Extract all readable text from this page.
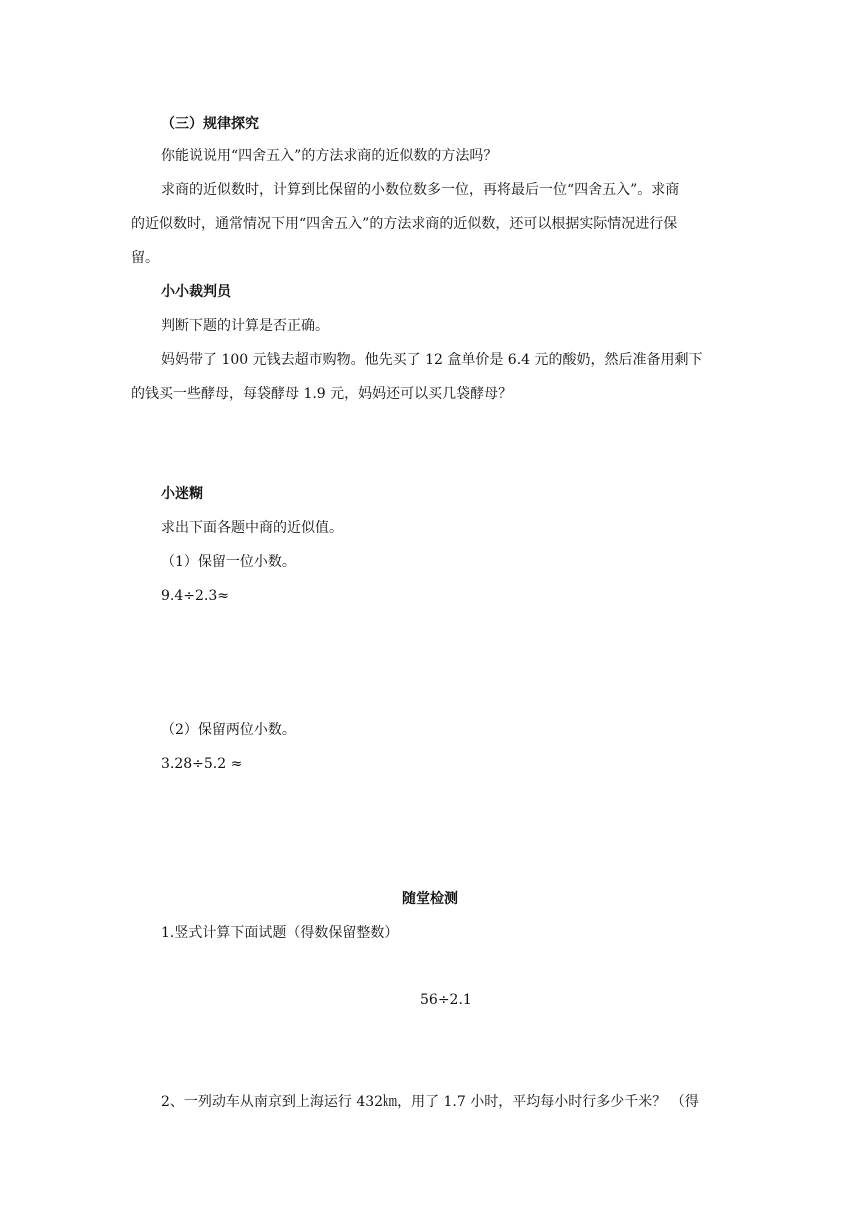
（三）规律探究
你能说说用“四舍五入”的方法求商的近似数的方法吗？
求商的近似数时，计算到比保留的小数位数多一位，再将最后一位“四舍五入”。求商
的近似数时，通常情况下用“四舍五入”的方法求商的近似数，还可以根据实际情况进行保
留。
小小裁判员
判断下题的计算是否正确。
妈妈带了 100 元钱去超市购物。他先买了 12 盒单价是 6.4 元的酸奶，然后准备用剩下
的钱买一些酵母，每袋酵母 1.9 元，妈妈还可以买几袋酵母？
小迷糊
求出下面各题中商的近似值。
（1）保留一位小数。
9.4÷2.3≈
（2）保留两位小数。
3.28÷5.2 ≈
随堂检测
1.竖式计算下面试题（得数保留整数）
56÷2.1
2、一列动车从南京到上海运行 432㎞，用了 1.7 小时，平均每小时行多少千米？ （得
